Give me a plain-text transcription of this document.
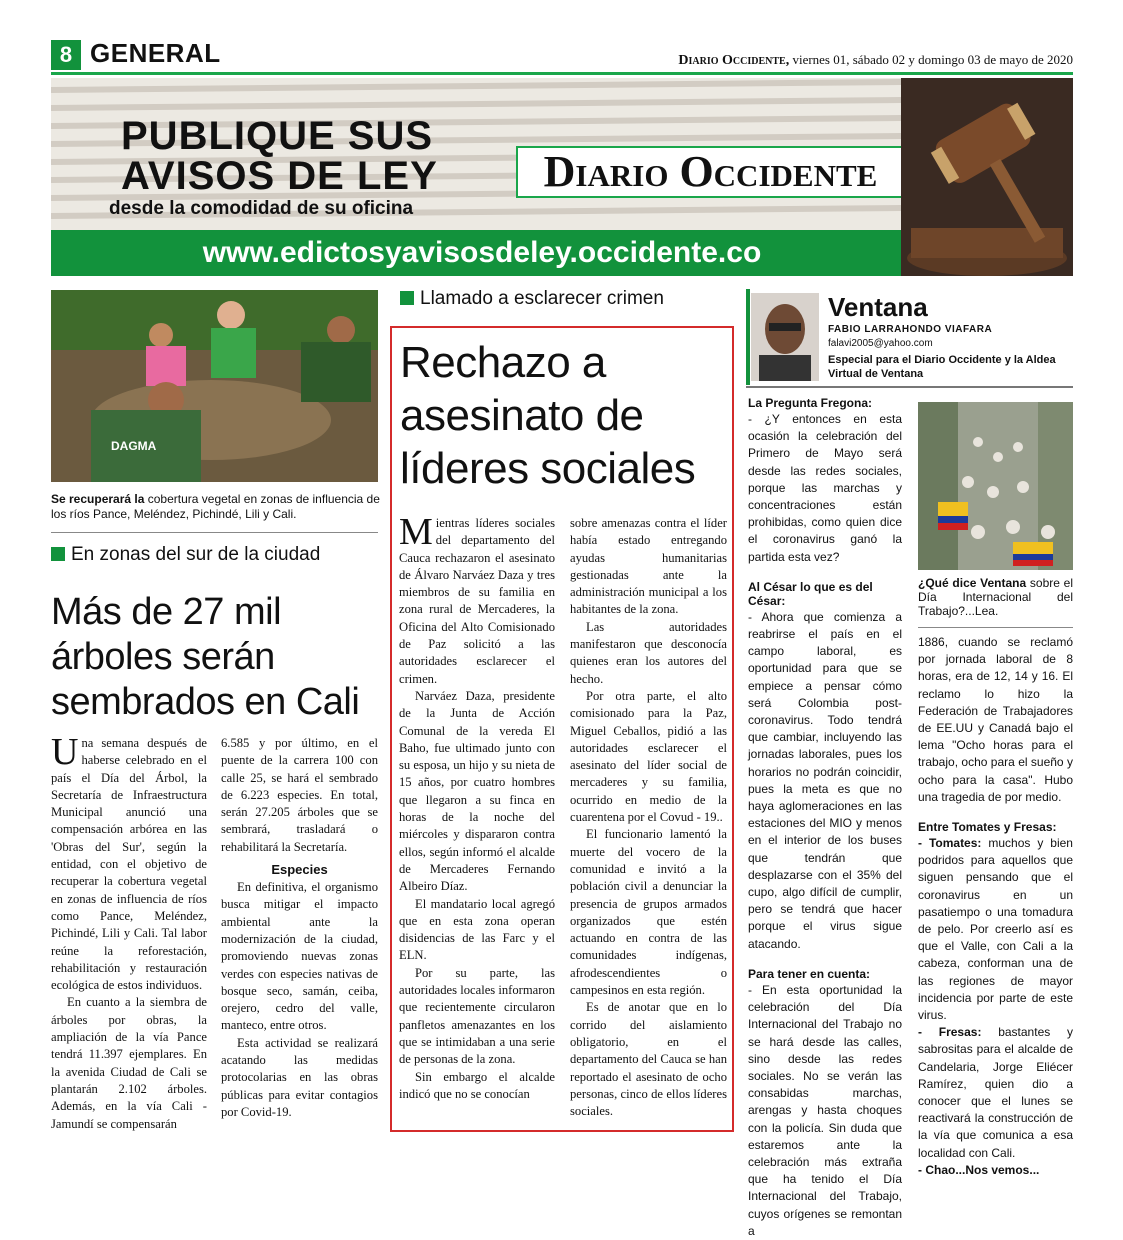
8 GENERAL	Diario Occidente, viernes 01, sábado 02 y domingo 03 de mayo de 2020
PUBLIQUE SUS
AVISOS DE LEY
desde la comodidad de su oficina
Diario Occidente
www.edictosyavisosdeley.occidente.co
DAGMA
Se recuperará la cobertura vegetal en zonas de influencia de los ríos Pance, Meléndez, Pichindé, Lili y Cali.
En zonas del sur de la ciudad
Más de 27 mil árboles serán sembrados en Cali

Una semana después de haberse celebrado en el país el Día del Árbol, la Secretaría de Infraestructura Municipal anunció una compensación arbórea en las 'Obras del Sur', según la entidad, con el objetivo de recuperar la cobertura vegetal en zonas de influencia de ríos como Pance, Meléndez, Pichindé, Lili y Cali. Tal labor reúne la reforestación, rehabilitación y restauración ecológica de estos individuos.

En cuanto a la siembra de árboles por obras, la ampliación de la vía Pance tendrá 11.397 ejemplares. En la avenida Ciudad de Cali se plantarán 2.102 árboles. Además, en la vía Cali - Jamundí se compensarán

6.585 y por último, en el puente de la carrera 100 con calle 25, se hará el sembrado de 6.223 especies. En total, serán 27.205 árboles que se sembrará, trasladará o rehabilitará la Secretaría.

Especies

En definitiva, el organismo busca mitigar el impacto ambiental ante la modernización de la ciudad, promoviendo nuevas zonas verdes con especies nativas de bosque seco, samán, ceiba, orejero, cedro del valle, manteco, entre otros.

Esta actividad se realizará acatando las medidas protocolarias en las obras públicas para evitar contagios por Covid-19.

Llamado a esclarecer crimen
Rechazo a asesinato de líderes sociales

Mientras líderes sociales del departamento del Cauca rechazaron el asesinato de Álvaro Narváez Daza y tres miembros de su familia en zona rural de Mercaderes, la Oficina del Alto Comisionado de Paz solicitó a las autoridades esclarecer el crimen.

Narváez Daza, presidente de la Junta de Acción Comunal de la vereda El Baho, fue ultimado junto con su esposa, un hijo y su nieta de 15 años, por cuatro hombres que llegaron a su finca en horas de la noche del miércoles y dispararon contra ellos, según informó el alcalde de Mercaderes Fernando Albeiro Díaz.

El mandatario local agregó que en esta zona operan disidencias de las Farc y el ELN.

Por su parte, las autoridades locales informaron que recientemente circularon panfletos amenazantes en los que se intimidaban a una serie de personas de la zona.

Sin embargo el alcalde indicó que no se conocían

sobre amenazas contra el líder había estado entregando ayudas humanitarias gestionadas ante la administración municipal a los habitantes de la zona.

Las autoridades manifestaron que desconocía quienes eran los autores del hecho.

Por otra parte, el alto comisionado para la Paz, Miguel Ceballos, pidió a las autoridades esclarecer el asesinato del líder social de mercaderes y su familia, ocurrido en medio de la cuarentena por el Covud - 19..

El funcionario lamentó la muerte del vocero de la comunidad e invitó a la población civil a denunciar la presencia de grupos armados organizados que estén actuando en contra de las comunidades indígenas, afrodescendientes o campesinos en esta región.

Es de anotar que en lo corrido del aislamiento obligatorio, en el departamento del Cauca se han reportado el asesinato de ocho personas, cinco de ellos líderes sociales.

Ventana
FABIO LARRAHONDO VIAFARA
falavi2005@yahoo.com
Especial para el Diario Occidente y la Aldea Virtual de Ventana
La Pregunta Fregona:

- ¿Y entonces en esta ocasión la celebración del Primero de Mayo será desde las redes sociales, porque las marchas y concentraciones están prohibidas, como quien dice el coronavirus ganó la partida esta vez?

Al César lo que es del César:

- Ahora que comienza a reabrirse el país en el campo laboral, es oportunidad para que se empiece a pensar cómo será Colombia post-coronavirus. Todo tendrá que cambiar, incluyendo las jornadas laborales, pues los horarios no podrán coincidir, pues la meta es que no haya aglomeraciones en las estaciones del MIO y menos en el interior de los buses que tendrán que desplazarse con el 35% del cupo, algo difícil de cumplir, pero se tendrá que hacer porque el virus sigue atacando.

Para tener en cuenta:

- En esta oportunidad la celebración del Día Internacional del Trabajo no se hará desde las calles, sino desde las redes sociales. No se verán las consabidas marchas, arengas y hasta choques con la policía. Sin duda que estaremos ante la celebración más extraña que ha tenido el Día Internacional del Trabajo, cuyos orígenes se remontan a

¿Qué dice Ventana sobre el Día Internacional del Trabajo?...Lea.

1886, cuando se reclamó por jornada laboral de 8 horas, era de 12, 14 y 16. El reclamo lo hizo la Federación de Trabajadores de EE.UU y Canadá bajo el lema "Ocho horas para el trabajo, ocho para el sueño y ocho para la casa". Hubo una tragedia de por medio.

Entre Tomates y Fresas:

- Tomates: muchos y bien podridos para aquellos que siguen pensando que el coronavirus en un pasatiempo o una tomadura de pelo. Por creerlo así es que el Valle, con Cali a la cabeza, conforman una de las regiones de mayor incidencia por parte de este virus.

- Fresas: bastantes y sabrositas para el alcalde de Candelaria, Jorge Eliécer Ramírez, quien dio a conocer que el lunes se reactivará la construcción de la vía que comunica a esa localidad con Cali.

- Chao...Nos vemos...
